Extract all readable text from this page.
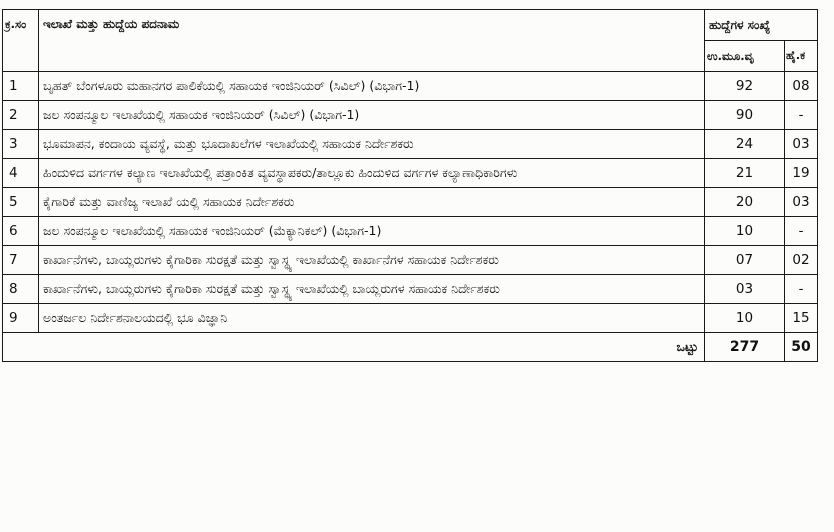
ಕ್ರ.ಸಂ	ಇಲಾಖೆ ಮತ್ತು ಹುದ್ದೆಯ ಪದನಾಮ	ಹುದ್ದೆಗಳ ಸಂಖ್ಯೆ	
		ಉ.ಮೂ.ವೃ	ಹೈ.ಕ
1	ಬೃಹತ್ ಬೆಂಗಳೂರು ಮಹಾನಗರ ಪಾಲಿಕೆಯಲ್ಲಿ ಸಹಾಯಕ ಇಂಜಿನಿಯರ್ (ಸಿವಿಲ್) (ವಿಭಾಗ-1)	92	08
2	ಜಲ ಸಂಪನ್ಮೂಲ ಇಲಾಖೆಯಲ್ಲಿ ಸಹಾಯಕ ಇಂಜಿನಿಯರ್ (ಸಿವಿಲ್) (ವಿಭಾಗ-1)	90	-
3	ಭೂಮಾಪನ, ಕಂದಾಯ ವ್ಯವಸ್ಥೆ, ಮತ್ತು ಭೂದಾಖಲೆಗಳ ಇಲಾಖೆಯಲ್ಲಿ ಸಹಾಯಕ ನಿರ್ದೇಶಕರು	24	03
4	ಹಿಂದುಳಿದ ವರ್ಗಗಳ ಕಲ್ಯಾಣ ಇಲಾಖೆಯಲ್ಲಿ ಪತ್ರಾಂಕಿತ ವ್ಯವಸ್ಥಾಪಕರು/ತಾಲ್ಲೂಕು ಹಿಂದುಳಿದ ವರ್ಗಗಳ ಕಲ್ಯಾಣಾಧಿಕಾರಿಗಳು	21	19
5	ಕೈಗಾರಿಕೆ ಮತ್ತು ವಾಣಿಜ್ಯ ಇಲಾಖೆ ಯಲ್ಲಿ ಸಹಾಯಕ ನಿರ್ದೇಶಕರು	20	03
6	ಜಲ ಸಂಪನ್ಮೂಲ ಇಲಾಖೆಯಲ್ಲಿ ಸಹಾಯಕ ಇಂಜಿನಿಯರ್ (ಮೆಕ್ಯಾನಿಕಲ್) (ವಿಭಾಗ-1)	10	-
7	ಕಾರ್ಖಾನೆಗಳು, ಬಾಯ್ಲರುಗಳು ಕೈಗಾರಿಕಾ ಸುರಕ್ಷತೆ ಮತ್ತು ಸ್ವಾಸ್ಥ್ಯ ಇಲಾಖೆಯಲ್ಲಿ ಕಾರ್ಖಾನೆಗಳ ಸಹಾಯಕ ನಿರ್ದೇಶಕರು	07	02
8	ಕಾರ್ಖಾನೆಗಳು, ಬಾಯ್ಲರುಗಳು ಕೈಗಾರಿಕಾ ಸುರಕ್ಷತೆ ಮತ್ತು ಸ್ವಾಸ್ಥ್ಯ ಇಲಾಖೆಯಲ್ಲಿ ಬಾಯ್ಲರುಗಳ ಸಹಾಯಕ ನಿರ್ದೇಶಕರು	03	-
9	ಅಂತರ್ಜಲ ನಿರ್ದೇಶನಾಲಯದಲ್ಲಿ ಭೂ ವಿಜ್ಞಾನಿ	10	15
ಒಟ್ಟು		277	50
